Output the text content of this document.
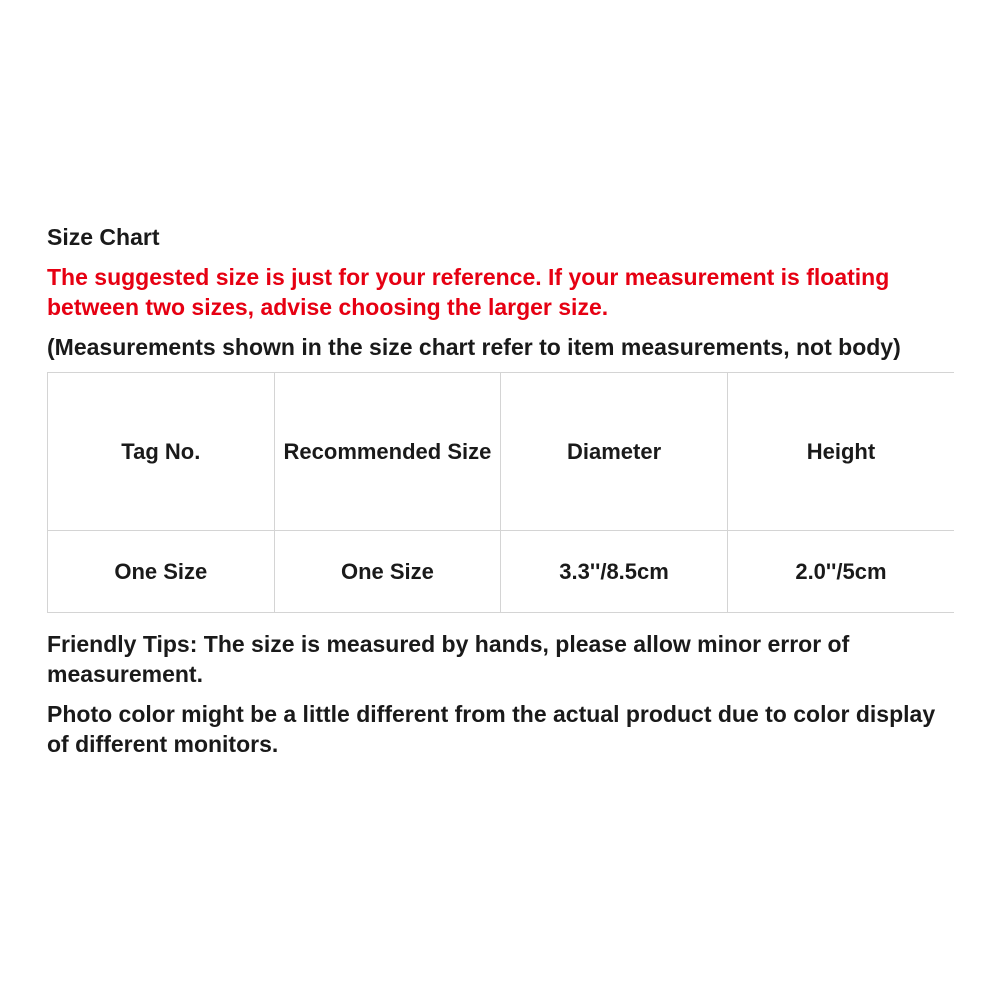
Size Chart
The suggested size is just for your reference. If your measurement is floating between two sizes, advise choosing the larger size.
(Measurements shown in the size chart refer to item measurements, not body)
Tag No.	Recommended Size	Diameter	Height
One Size	One Size	3.3''/8.5cm	2.0''/5cm
Friendly Tips: The size is measured by hands, please allow minor error of measurement.
Photo color might be a little different from the actual product due to color display of different monitors.
